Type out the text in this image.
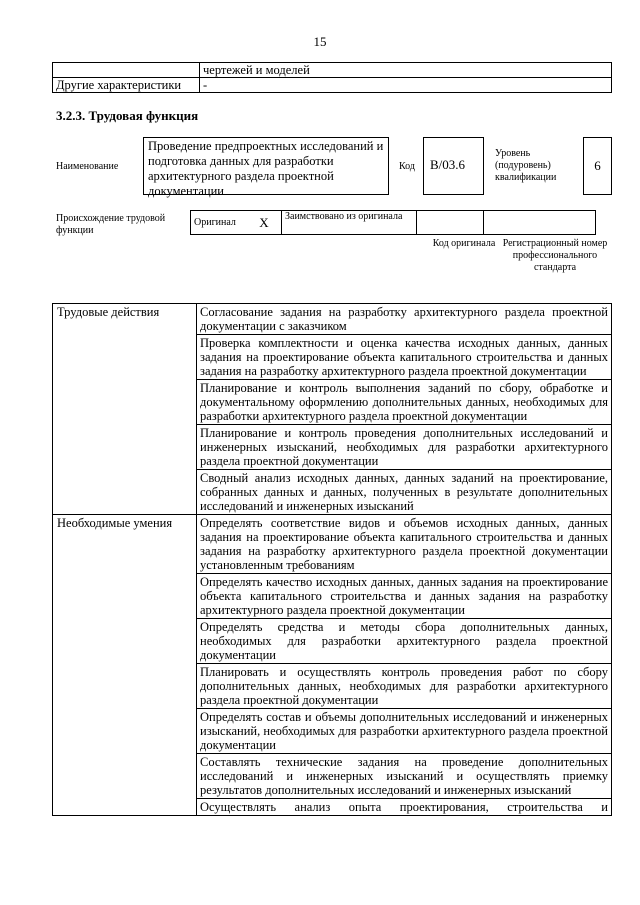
15
	чертежей и моделей
Другие характеристики	-
3.2.3. Трудовая функция
Наименование
Проведение предпроектных исследований и подготовка данных для разработки архитектурного раздела проектной документации
Код	В/03.6
Уровень (подуровень) квалификации
6
Происхождение трудовой функции
Оригинал	X	Заимствовано из оригинала		
Код оригинала Регистрационный номер профессионального стандарта
Трудовые действия	Согласование задания на разработку архитектурного раздела проектной документации с заказчиком
	Проверка комплектности и оценка качества исходных данных, данных задания на проектирование объекта капитального строительства и данных задания на разработку архитектурного раздела проектной документации
	Планирование и контроль выполнения заданий по сбору, обработке и документальному оформлению дополнительных данных, необходимых для разработки архитектурного раздела проектной документации
	Планирование и контроль проведения дополнительных исследований и инженерных изысканий, необходимых для разработки архитектурного раздела проектной документации
	Сводный анализ исходных данных, данных заданий на проектирование, собранных данных и данных, полученных в результате дополнительных исследований и инженерных изысканий
Необходимые умения	Определять соответствие видов и объемов исходных данных, данных задания на проектирование объекта капитального строительства и данных задания на разработку архитектурного раздела проектной документации установленным требованиям
	Определять качество исходных данных, данных задания на проектирование объекта капитального строительства и данных задания на разработку архитектурного раздела проектной документации
	Определять средства и методы сбора дополнительных данных, необходимых для разработки архитектурного раздела проектной документации
	Планировать и осуществлять контроль проведения работ по сбору дополнительных данных, необходимых для разработки архитектурного раздела проектной документации
	Определять состав и объемы дополнительных исследований и инженерных изысканий, необходимых для разработки архитектурного раздела проектной документации
	Составлять технические задания на проведение дополнительных исследований и инженерных изысканий и осуществлять приемку результатов дополнительных исследований и инженерных изысканий
	Осуществлять анализ опыта проектирования, строительства и
